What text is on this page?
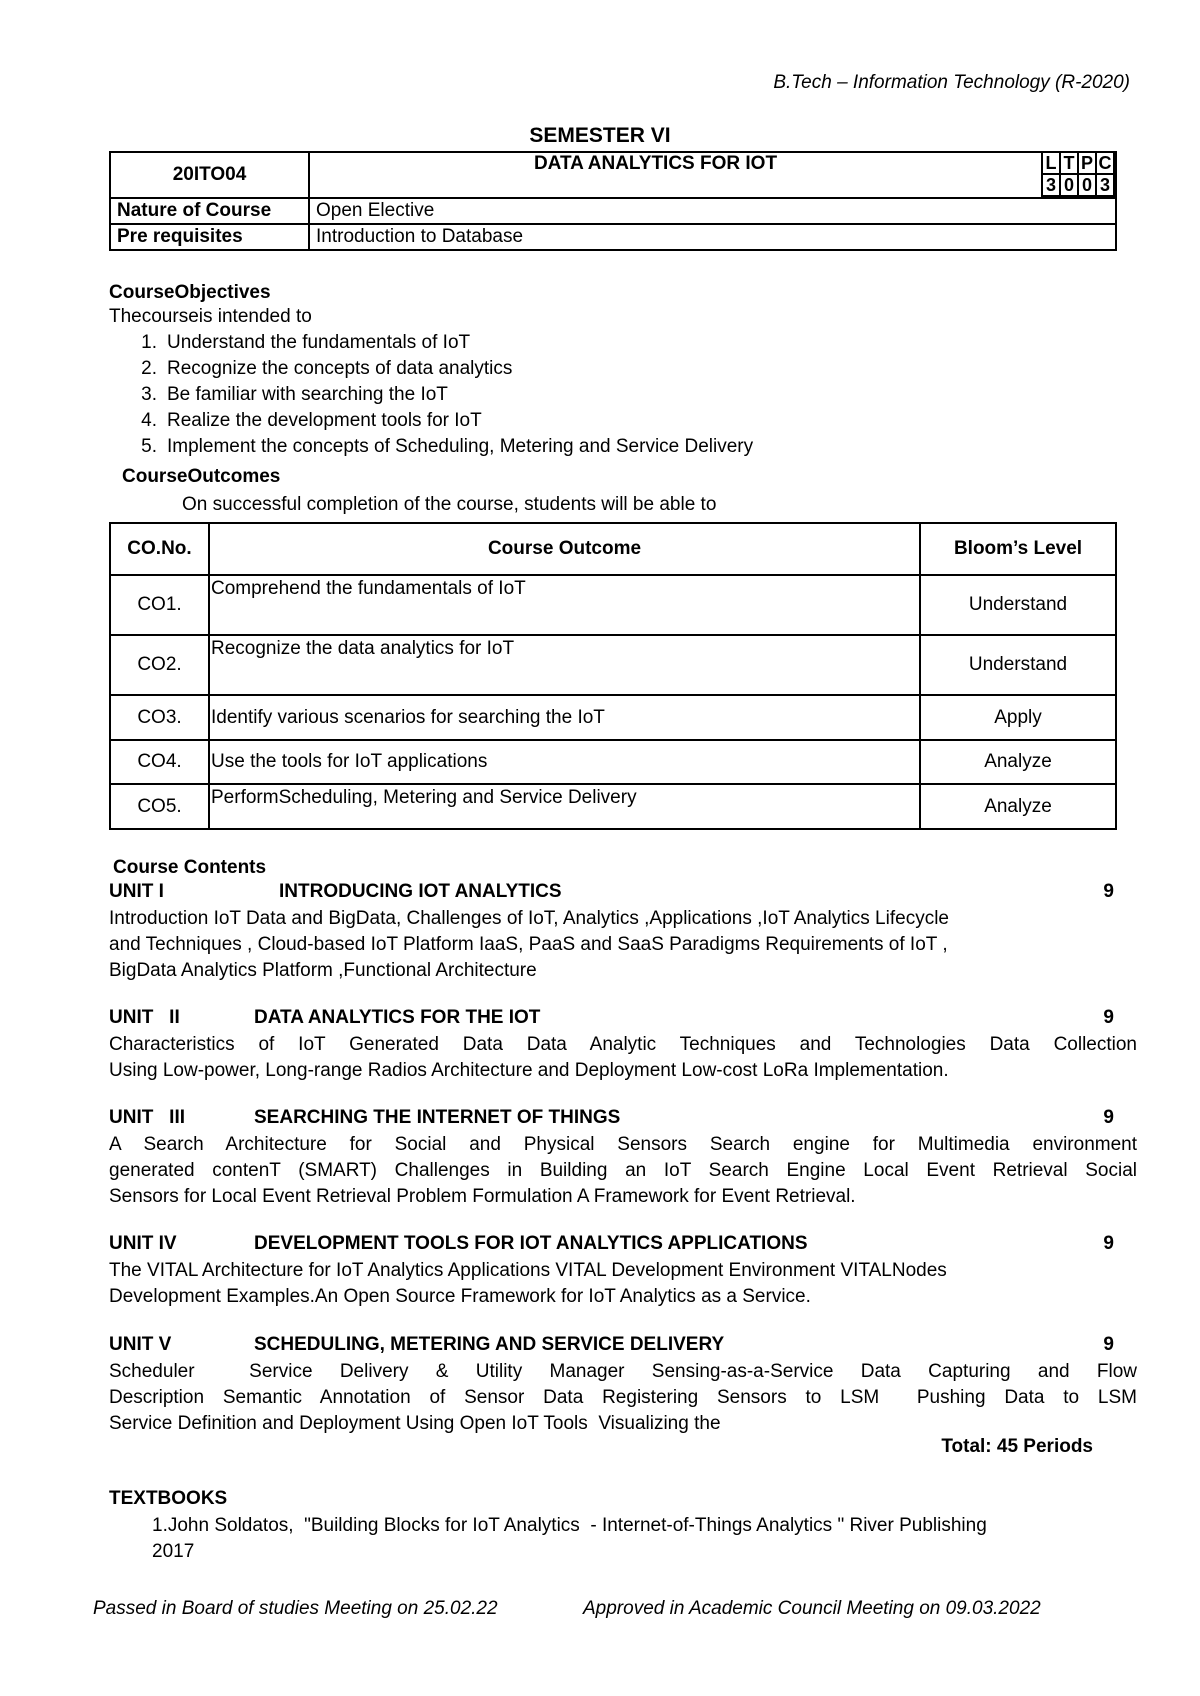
B.Tech – Information Technology (R-2020)
SEMESTER VI
20ITO04	DATA ANALYTICS FOR IOT	L	T	P	C
3	0	0	3

Nature of Course	Open Elective
Pre requisites	Introduction to Database
CourseObjectives
Thecourseis intended to
1. Understand the fundamentals of IoT
2. Recognize the concepts of data analytics
3. Be familiar with searching the IoT
4. Realize the development tools for IoT
5. Implement the concepts of Scheduling, Metering and Service Delivery
CourseOutcomes
On successful completion of the course, students will be able to
CO.No.	Course Outcome	Bloom’s Level
CO1.	Comprehend the fundamentals of IoT	Understand
CO2.	Recognize the data analytics for IoT	Understand
CO3.	Identify various scenarios for searching the IoT	Apply
CO4.	Use the tools for IoT applications	Analyze
CO5.	PerformScheduling, Metering and Service Delivery	Analyze
Course Contents
UNIT I	INTRODUCING IOT ANALYTICS	9
Introduction IoT Data and BigData, Challenges of IoT, Analytics ,Applications ,IoT Analytics Lifecycle
and Techniques , Cloud-based IoT Platform IaaS, PaaS and SaaS Paradigms Requirements of IoT ,
BigData Analytics Platform ,Functional Architecture
UNIT   II	DATA ANALYTICS FOR THE IOT	9
Characteristics of IoT Generated Data Data Analytic Techniques and Technologies Data Collection
Using Low-power, Long-range Radios Architecture and Deployment Low-cost LoRa Implementation.
UNIT   III	SEARCHING THE INTERNET OF THINGS	9
A Search Architecture for Social and Physical Sensors Search engine for Multimedia environment
generated contenT (SMART) Challenges in Building an IoT Search Engine Local Event Retrieval Social
Sensors for Local Event Retrieval Problem Formulation A Framework for Event Retrieval.
UNIT IV	DEVELOPMENT TOOLS FOR IOT ANALYTICS APPLICATIONS	9
The VITAL Architecture for IoT Analytics Applications VITAL Development Environment VITALNodes
Development Examples.An Open Source Framework for IoT Analytics as a Service.
UNIT V	SCHEDULING, METERING AND SERVICE DELIVERY	9
Scheduler  Service Delivery & Utility Manager Sensing-as-a-Service Data Capturing and Flow
Description Semantic Annotation of Sensor Data Registering Sensors to LSM  Pushing Data to LSM
Service Definition and Deployment Using Open IoT Tools  Visualizing the
Total: 45 Periods
TEXTBOOKS
1.John Soldatos,  "Building Blocks for IoT Analytics  - Internet-of-Things Analytics " River Publishing
2017
Passed in Board of studies Meeting on 25.02.22	Approved in Academic Council Meeting on 09.03.2022
